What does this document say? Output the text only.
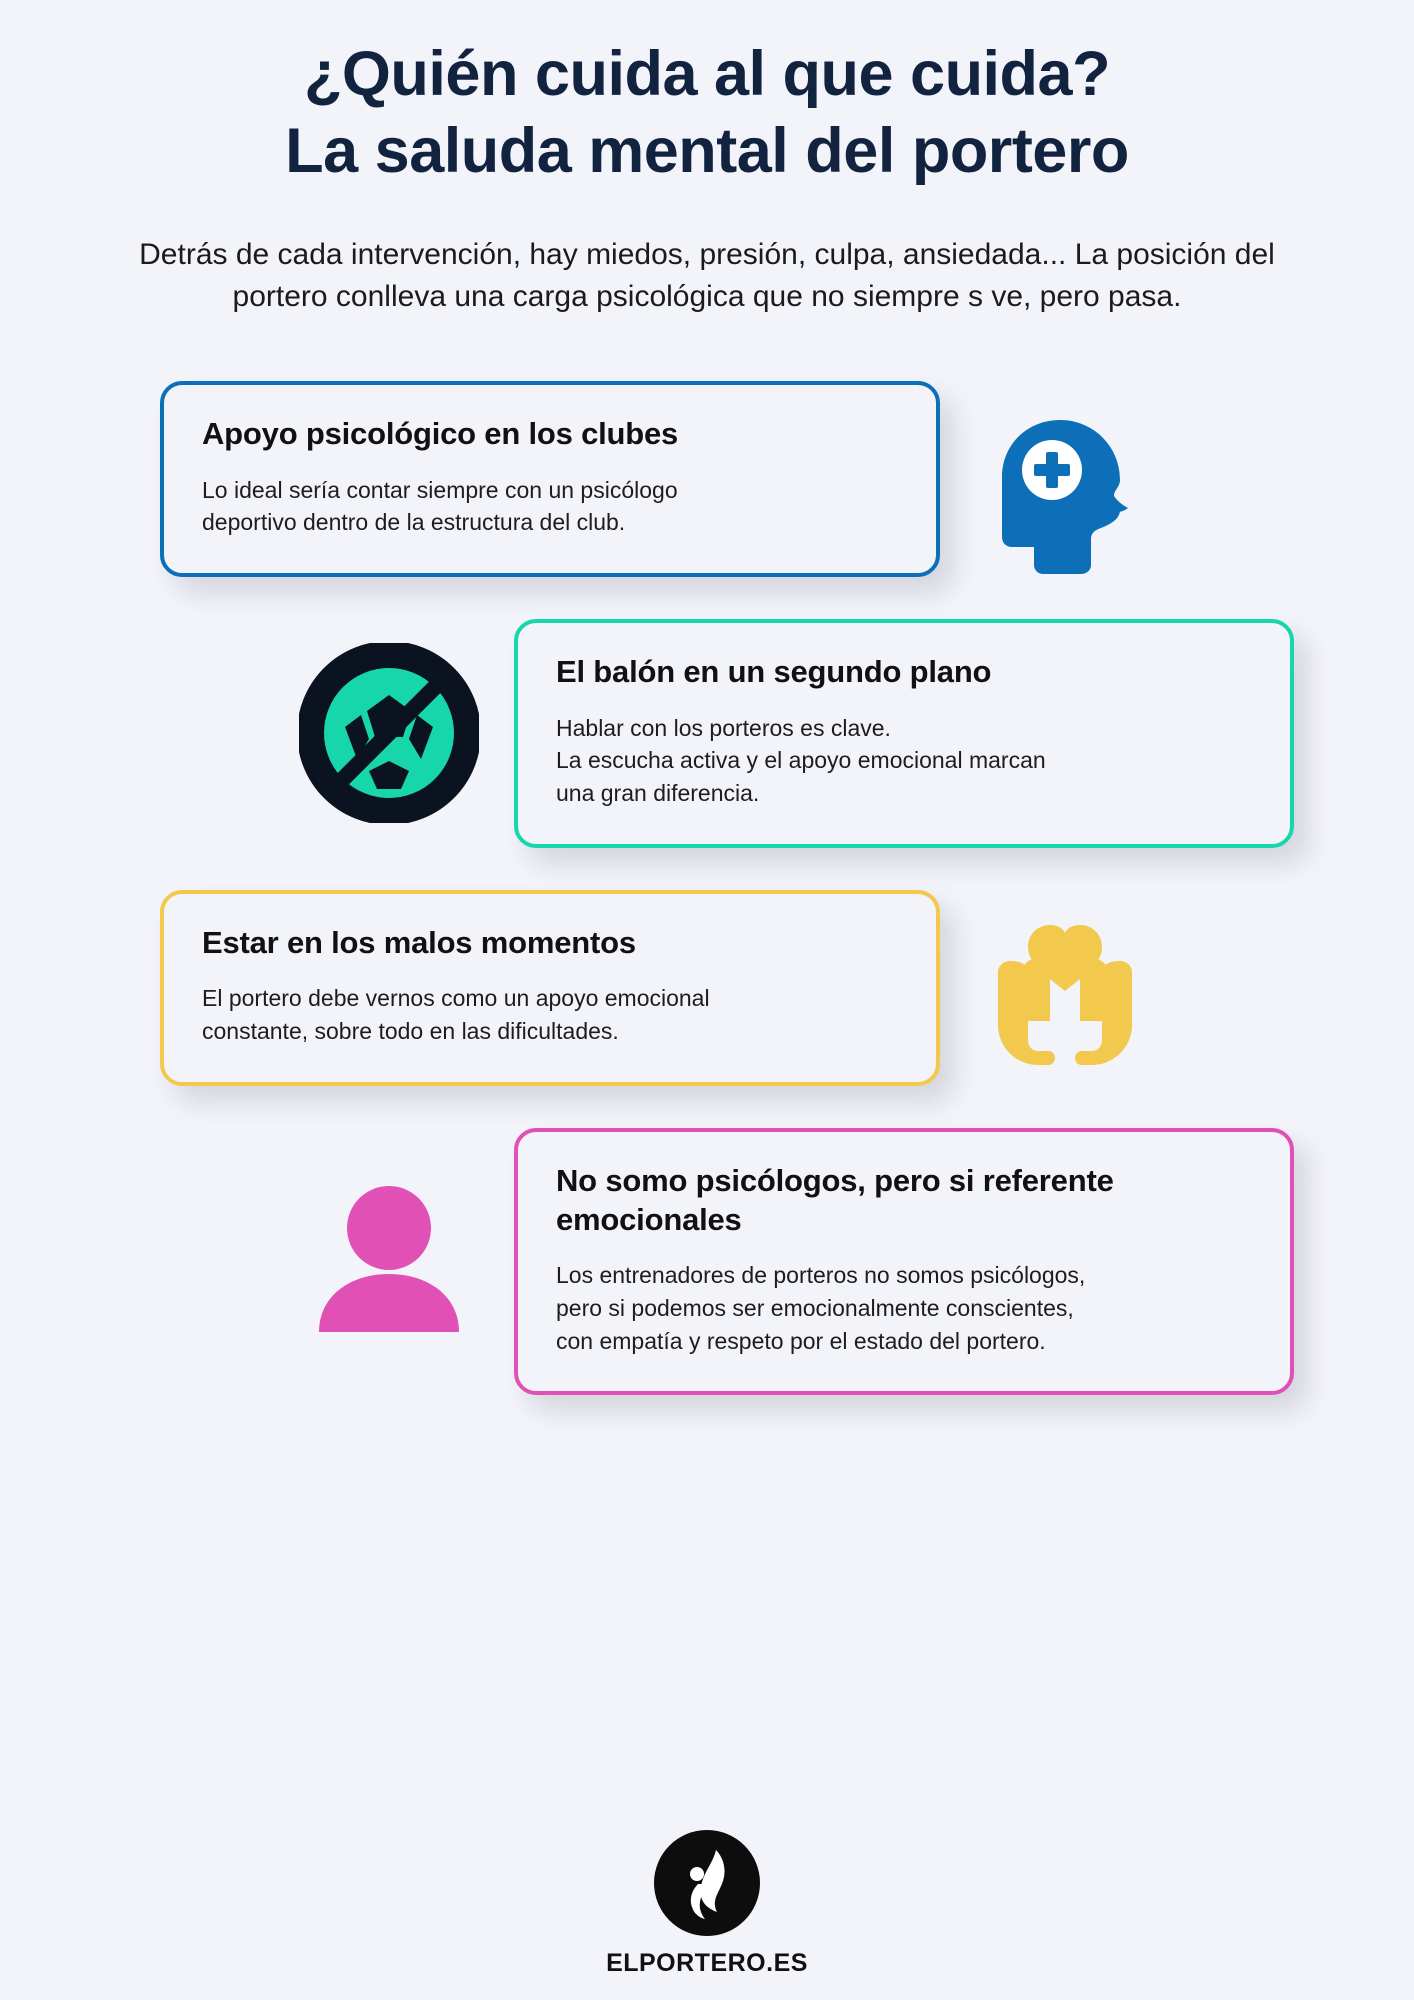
¿Quién cuida al que cuida?
La saluda mental del portero

Detrás de cada intervención, hay miedos, presión, culpa, ansiedada... La posición del portero conlleva una carga psicológica que no siempre s ve, pero pasa.

Apoyo psicológico en los clubes

Lo ideal sería contar siempre con un psicólogo
deportivo dentro de la estructura del club.

El balón en un segundo plano

Hablar con los porteros es clave.
La escucha activa y el apoyo emocional marcan
una gran diferencia.

Estar en los malos momentos

El portero debe vernos como un apoyo emocional
constante, sobre todo en las dificultades.

No somo psicólogos, pero si referente emocionales

Los entrenadores de porteros no somos psicólogos,
pero si podemos ser emocionalmente conscientes,
con empatía y respeto por el estado del portero.

ELPORTERO.ES
